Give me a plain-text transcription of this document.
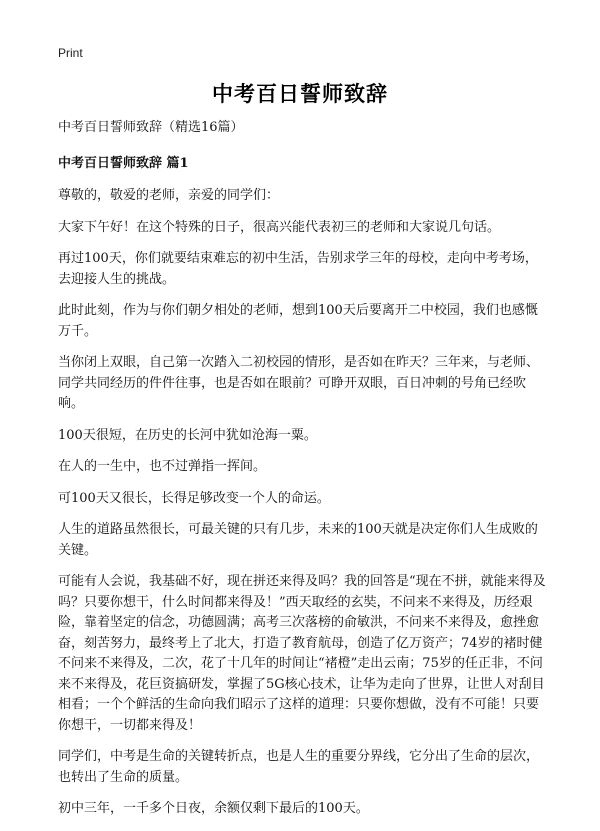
Print
中考百日誓师致辞

中考百日誓师致辞（精选16篇）

中考百日誓师致辞 篇1

尊敬的，敬爱的老师，亲爱的同学们：

大家下午好！在这个特殊的日子，很高兴能代表初三的老师和大家说几句话。

再过100天，你们就要结束难忘的初中生活，告别求学三年的母校，走向中考考场，去迎接人生的挑战。

此时此刻，作为与你们朝夕相处的老师，想到100天后要离开二中校园，我们也感慨万千。

当你闭上双眼，自己第一次踏入二初校园的情形，是否如在昨天？三年来，与老师、同学共同经历的件件往事，也是否如在眼前？可睁开双眼，百日冲刺的号角已经吹响。

100天很短，在历史的长河中犹如沧海一粟。

在人的一生中，也不过弹指一挥间。

可100天又很长，长得足够改变一个人的命运。

人生的道路虽然很长，可最关键的只有几步，未来的100天就是决定你们人生成败的关键。

可能有人会说，我基础不好，现在拼还来得及吗？我的回答是“现在不拼，就能来得及吗？只要你想干，什么时间都来得及！”西天取经的玄奘，不问来不来得及，历经艰险，靠着坚定的信念，功德圆满；高考三次落榜的俞敏洪，不问来不来得及，愈挫愈奋，刻苦努力，最终考上了北大，打造了教育航母，创造了亿万资产；74岁的褚时健不问来不来得及，二次，花了十几年的时间让“褚橙”走出云南；75岁的任正非，不问来不来得及，花巨资搞研发，掌握了5G核心技术，让华为走向了世界，让世人对刮目相看；一个个鲜活的生命向我们昭示了这样的道理：只要你想做，没有不可能！只要你想干，一切都来得及！

同学们，中考是生命的关键转折点，也是人生的重要分界线，它分出了生命的层次，也转出了生命的质量。

初中三年，一千多个日夜，余额仅剩下最后的100天。
